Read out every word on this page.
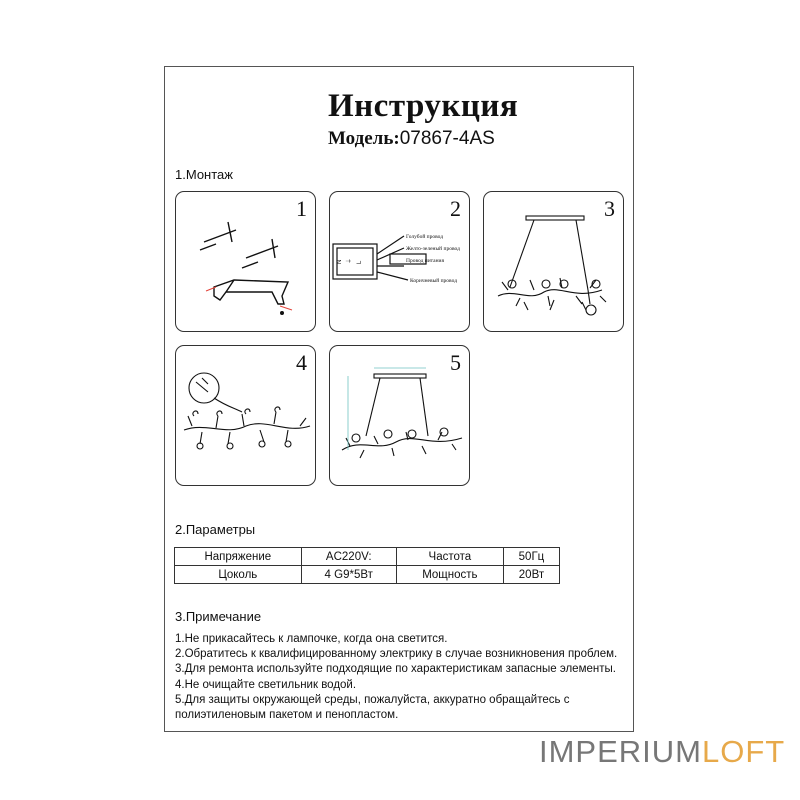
Инструкция
Модель:07867-4AS
1.Монтаж
1	2
Голубой провод
Желто-зеленый провод
Провод питания
Коричневый провод
N ⏚ L
3
4	5
2.Параметры
Напряжение	AC220V:	Частота	50Гц
Цоколь	4 G9*5Вт	Мощность	20Вт
3.Примечание
1.Не прикасайтесь к лампочке, когда она светится.
2.Обратитесь к квалифицированному электрику в случае возникновения проблем.
3.Для ремонта используйте подходящие по характеристикам запасные элементы.
4.Не очищайте светильник водой.
5.Для защиты окружающей среды, пожалуйста, аккуратно обращайтесь с
полиэтиленовым пакетом и пенопластом.
IMPERIUMLOFT
